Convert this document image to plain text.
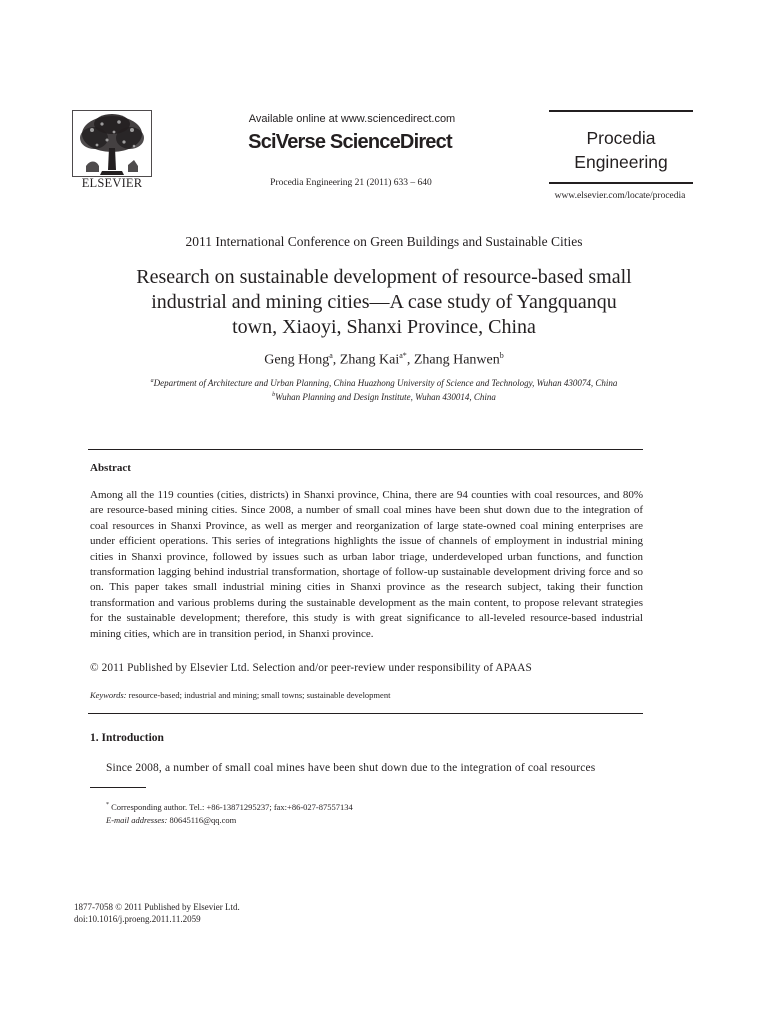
ELSEVIER
Available online at www.sciencedirect.com
SciVerse ScienceDirect
Procedia Engineering 21 (2011) 633 – 640
Procedia
Engineering
www.elsevier.com/locate/procedia
2011 International Conference on Green Buildings and Sustainable Cities
Research on sustainable development of resource-based small
industrial and mining cities—A case study of Yangquanqu
town, Xiaoyi, Shanxi Province, China
Geng Hong$^a$, Zhang Kai$^{a*}$, Zhang Hanwen$^b$
$^a$Department of Architecture and Urban Planning, China Huazhong University of Science and Technology, Wuhan 430074, China
$^b$Wuhan Planning and Design Institute, Wuhan 430014, China
Abstract
Among all the 119 counties (cities, districts) in Shanxi province, China, there are 94 counties with coal resources, and 80% are resource-based mining cities. Since 2008, a number of small coal mines have been shut down due to the integration of coal resources in Shanxi Province, as well as merger and reorganization of large state-owned coal mining enterprises are under efficient operations. This series of integrations highlights the issue of channels of employment in industrial mining cities in Shanxi province, followed by issues such as urban labor triage, underdeveloped urban functions, and function transformation lagging behind industrial transformation, shortage of follow-up sustainable development driving force and so on. This paper takes small industrial mining cities in Shanxi province as the research subject, taking their function transformation and various problems during the sustainable development as the main content, to propose relevant strategies for the sustainable development; therefore, this study is with great significance to all-leveled resource-based industrial mining cities, which are in transition period, in Shanxi province.
© 2011 Published by Elsevier Ltd. Selection and/or peer-review under responsibility of APAAS
Keywords: resource-based; industrial and mining; small towns; sustainable development
1. Introduction
Since 2008, a number of small coal mines have been shut down due to the integration of coal resources
* Corresponding author. Tel.: +86-13871295237; fax:+86-027-87557134
E-mail addresses: 80645116@qq.com
1877-7058 © 2011 Published by Elsevier Ltd.
doi:10.1016/j.proeng.2011.11.2059
